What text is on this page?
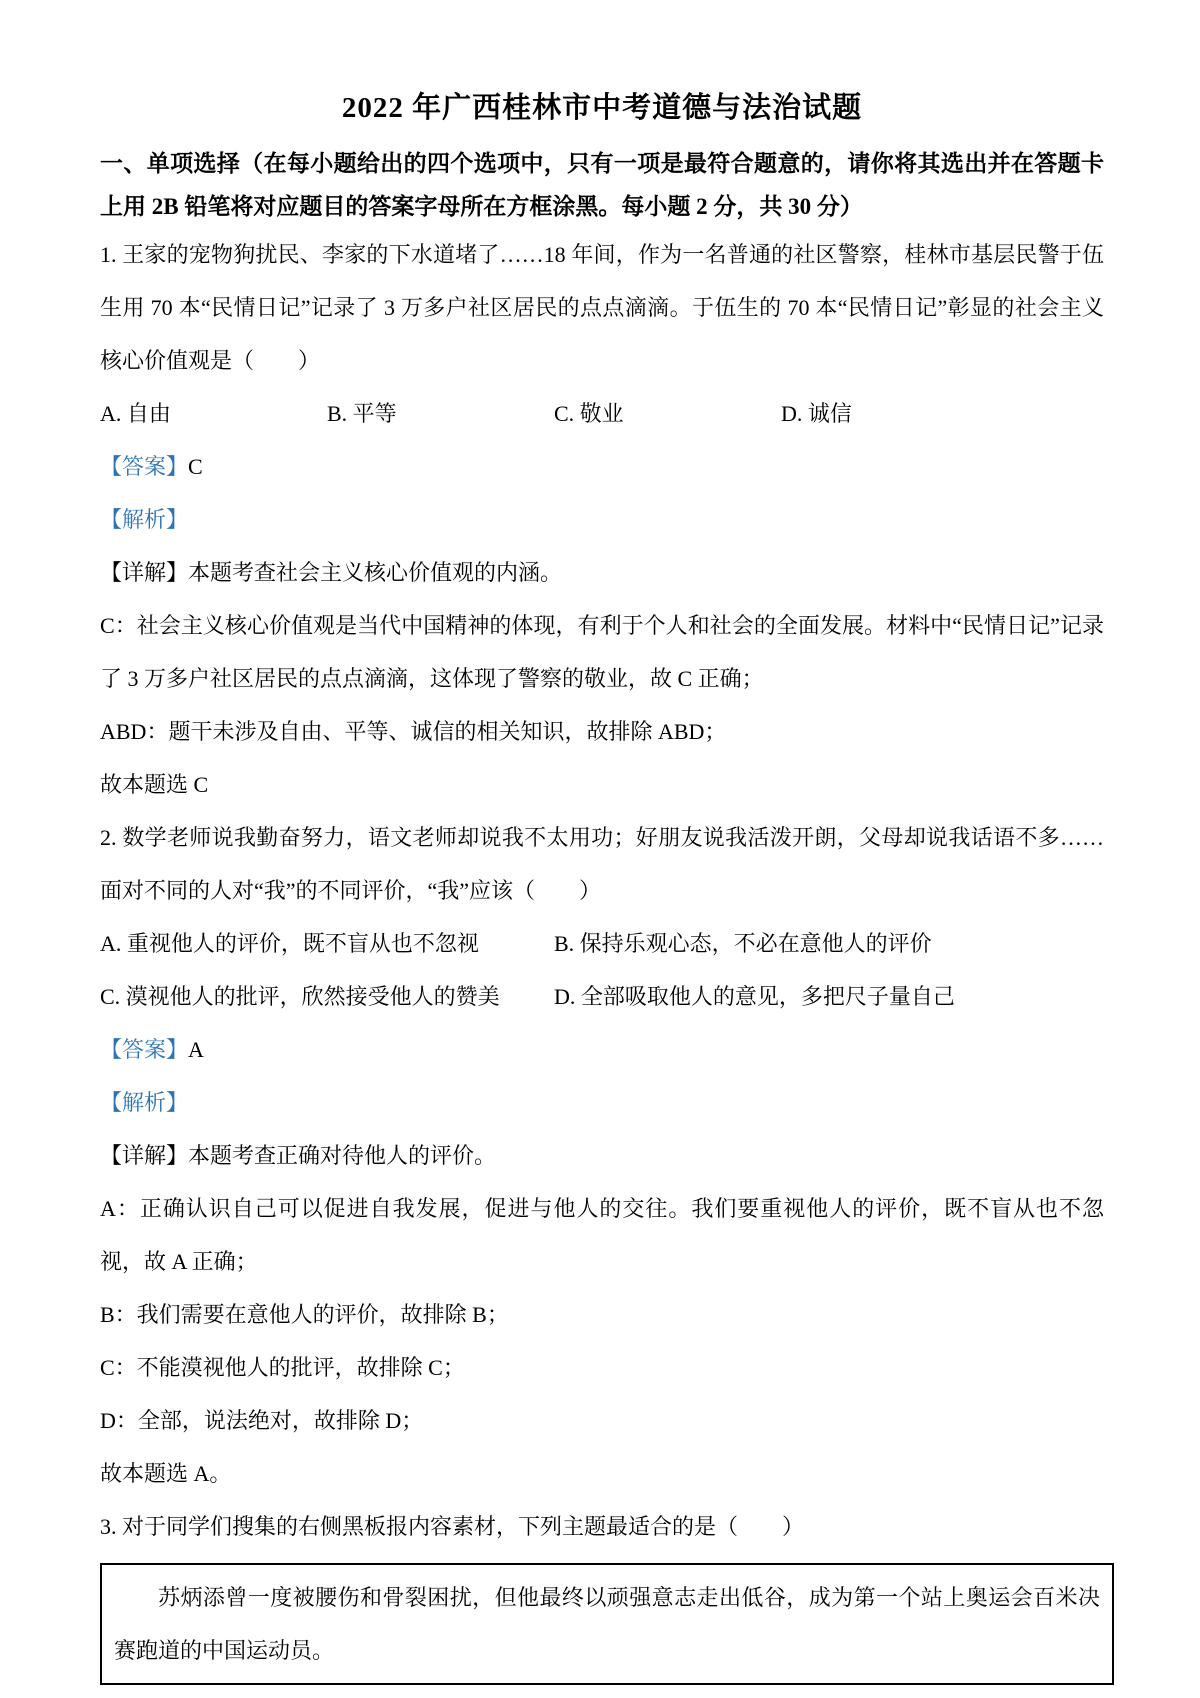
2022 年广西桂林市中考道德与法治试题

一、单项选择（在每小题给出的四个选项中，只有一项是最符合题意的，请你将其选出并在答题卡上用 2B 铅笔将对应题目的答案字母所在方框涂黑。每小题 2 分，共 30 分）

1. 王家的宠物狗扰民、李家的下水道堵了……18 年间，作为一名普通的社区警察，桂林市基层民警于伍生用 70 本“民情日记”记录了 3 万多户社区居民的点点滴滴。于伍生的 70 本“民情日记”彰显的社会主义核心价值观是（　　）

A. 自由	B. 平等	C. 敬业	D. 诚信

【答案】C

【解析】

【详解】本题考查社会主义核心价值观的内涵。

C：社会主义核心价值观是当代中国精神的体现，有利于个人和社会的全面发展。材料中“民情日记”记录了 3 万多户社区居民的点点滴滴，这体现了警察的敬业，故 C 正确；

ABD：题干未涉及自由、平等、诚信的相关知识，故排除 ABD；

故本题选 C

2. 数学老师说我勤奋努力，语文老师却说我不太用功；好朋友说我活泼开朗，父母却说我话语不多……面对不同的人对“我”的不同评价，“我”应该（　　）

A. 重视他人的评价，既不盲从也不忽视	B. 保持乐观心态，不必在意他人的评价
C. 漠视他人的批评，欣然接受他人的赞美	D. 全部吸取他人的意见，多把尺子量自己

【答案】A

【解析】

【详解】本题考查正确对待他人的评价。

A：正确认识自己可以促进自我发展，促进与他人的交往。我们要重视他人的评价，既不盲从也不忽视，故 A 正确；

B：我们需要在意他人的评价，故排除 B；

C：不能漠视他人的批评，故排除 C；

D：全部，说法绝对，故排除 D；

故本题选 A。

3. 对于同学们搜集的右侧黑板报内容素材，下列主题最适合的是（　　）

苏炳添曾一度被腰伤和骨裂困扰，但他最终以顽强意志走出低谷，成为第一个站上奥运会百米决赛跑道的中国运动员。
